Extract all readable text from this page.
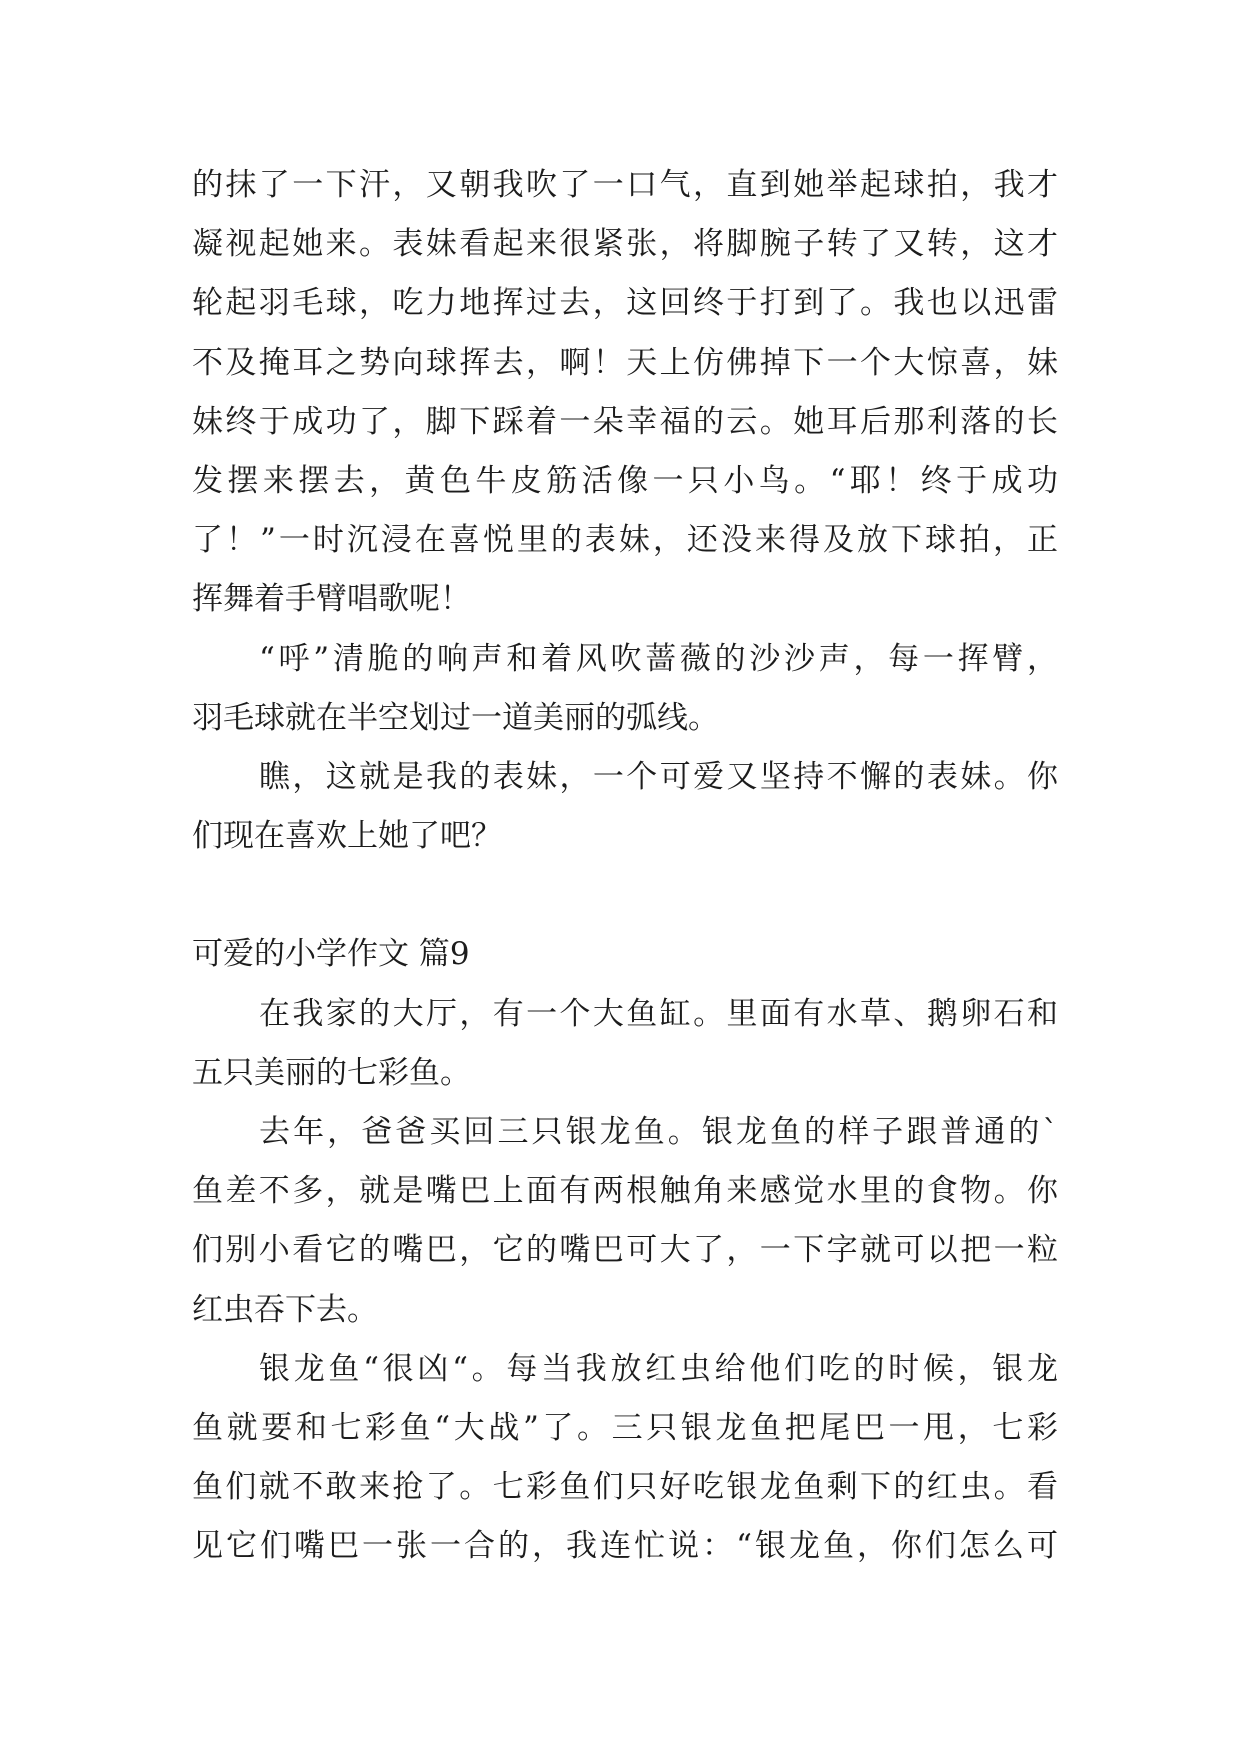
的抹了一下汗，又朝我吹了一口气，直到她举起球拍，我才
凝视起她来。表妹看起来很紧张，将脚腕子转了又转，这才
轮起羽毛球，吃力地挥过去，这回终于打到了。我也以迅雷
不及掩耳之势向球挥去，啊！天上仿佛掉下一个大惊喜，妹
妹终于成功了，脚下踩着一朵幸福的云。她耳后那利落的长
发摆来摆去，黄色牛皮筋活像一只小鸟。“耶！终于成功
了！”一时沉浸在喜悦里的表妹，还没来得及放下球拍，正
挥舞着手臂唱歌呢！
“呼”清脆的响声和着风吹蔷薇的沙沙声，每一挥臂，
羽毛球就在半空划过一道美丽的弧线。
瞧，这就是我的表妹，一个可爱又坚持不懈的表妹。你
们现在喜欢上她了吧？
可爱的小学作文 篇9
在我家的大厅，有一个大鱼缸。里面有水草、鹅卵石和
五只美丽的七彩鱼。
去年，爸爸买回三只银龙鱼。银龙鱼的样子跟普通的`
鱼差不多，就是嘴巴上面有两根触角来感觉水里的食物。你
们别小看它的嘴巴，它的嘴巴可大了，一下字就可以把一粒
红虫吞下去。
银龙鱼“很凶“。每当我放红虫给他们吃的时候，银龙
鱼就要和七彩鱼“大战”了。三只银龙鱼把尾巴一甩，七彩
鱼们就不敢来抢了。七彩鱼们只好吃银龙鱼剩下的红虫。看
见它们嘴巴一张一合的，我连忙说：“银龙鱼，你们怎么可
